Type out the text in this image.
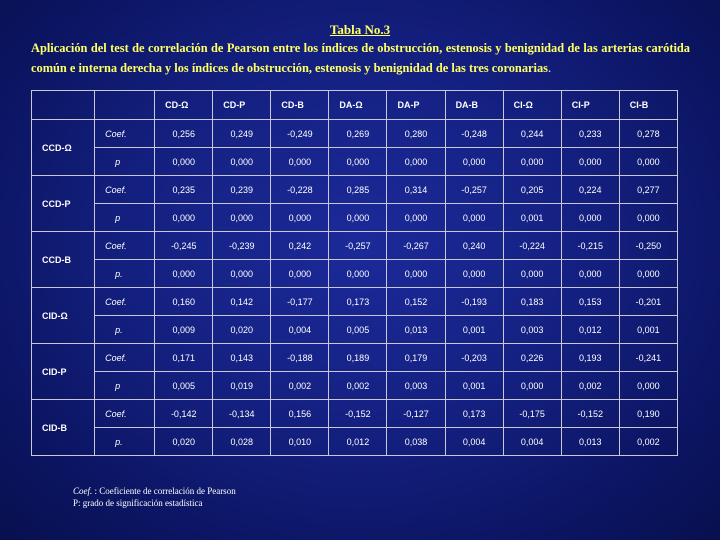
Tabla No.3
Aplicación del test de correlación de Pearson entre los índices de obstrucción, estenosis y benignidad de las arterias carótida común e interna derecha y los índices de obstrucción, estenosis y benignidad de las tres coronarias.
		CD-Ω	CD-P	CD-B	DA-Ω	DA-P	DA-B	CI-Ω	CI-P	CI-B
CCD-Ω	Coef.	0,256	0,249	-0,249	0,269	0,280	-0,248	0,244	0,233	0,278
	p	0,000	0,000	0,000	0,000	0,000	0,000	0,000	0,000	0,000
CCD-P	Coef.	0,235	0,239	-0,228	0,285	0,314	-0,257	0,205	0,224	0,277
	p	0,000	0,000	0,000	0,000	0,000	0,000	0,001	0,000	0,000
CCD-B	Coef.	-0,245	-0,239	0,242	-0,257	-0,267	0,240	-0,224	-0,215	-0,250
	p.	0,000	0,000	0,000	0,000	0,000	0,000	0,000	0,000	0,000
CID-Ω	Coef.	0,160	0,142	-0,177	0,173	0,152	-0,193	0,183	0,153	-0,201
	p.	0,009	0,020	0,004	0,005	0,013	0,001	0,003	0,012	0,001
CID-P	Coef.	0,171	0,143	-0,188	0,189	0,179	-0,203	0,226	0,193	-0,241
	p	0,005	0,019	0,002	0,002	0,003	0,001	0,000	0,002	0,000
CID-B	Coef.	-0,142	-0,134	0,156	-0,152	-0,127	0,173	-0,175	-0,152	0,190
	p.	0,020	0,028	0,010	0,012	0,038	0,004	0,004	0,013	0,002
Coef. : Coeficiente de correlación de Pearson
P: grado de significación estadística
